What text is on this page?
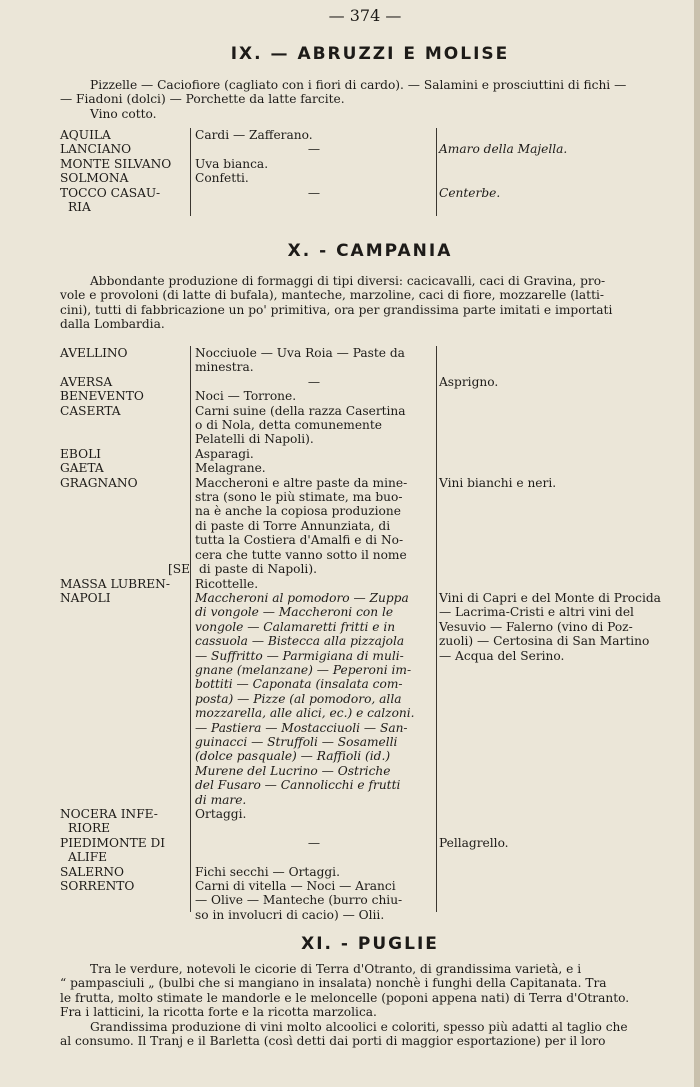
— 374 —
IX. — ABRUZZI E MOLISE

Pizzelle — Caciofiore (cagliato con i fiori di cardo). — Salamini e prosciuttini di fichi —

— Fiadoni (dolci) — Porchette da latte farcite.

Vino cotto.

AQUILA	Cardi — Zafferano.
LANCIANO	—	Amaro della Majella.
MONTE SILVANO	Uva bianca.
SOLMONA	Confetti.
TOCCO CASAU-	—	Centerbe.
RIA
X. - CAMPANIA

Abbondante produzione di formaggi di tipi diversi: cacicavalli, caci di Gravina, pro-

vole e provoloni (di latte di bufala), manteche, marzoline, caci di fiore, mozzarelle (latti-

cini), tutti di fabbricazione un po' primitiva, ora per grandissima parte imitati e importati

dalla Lombardia.

AVELLINO	Nocciuole — Uva Roia — Paste da
minestra.
AVERSA	—	Asprigno.
BENEVENTO	Noci — Torrone.
CASERTA	Carni suine (della razza Casertina
o di Nola, detta comunemente
Pelatelli di Napoli).
EBOLI	Asparagi.
GAETA	Melagrane.
GRAGNANO	Maccheroni e altre paste da mine-	Vini bianchi e neri.
stra (sono le più stimate, ma buo-
na è anche la copiosa produzione
di paste di Torre Annunziata, di
tutta la Costiera d'Amalfi e di No-
cera che tutte vanno sotto il nome
[SE di paste di Napoli).
MASSA LUBREN-	Ricottelle.
NAPOLI	Maccheroni al pomodoro — Zuppa	Vini di Capri e del Monte di Procida
di vongole — Maccheroni con le	— Lacrima-Cristi e altri vini del
vongole — Calamaretti fritti e in	Vesuvio — Falerno (vino di Poz-
cassuola — Bistecca alla pizzajola	zuoli) — Certosina di San Martino
— Suffritto — Parmigiana di muli-	— Acqua del Serino.
gnane (melanzane) — Peperoni im-
bottiti — Caponata (insalata com-
posta) — Pizze (al pomodoro, alla
mozzarella, alle alici, ec.) e calzoni.
— Pastiera — Mostacciuoli — San-
guinacci — Struffoli — Sosamelli
(dolce pasquale) — Raffioli (id.)
Murene del Lucrino — Ostriche
del Fusaro — Cannolicchi e frutti
di mare.
NOCERA INFE-	Ortaggi.
RIORE
PIEDIMONTE DI	—	Pellagrello.
ALIFE
SALERNO	Fichi secchi — Ortaggi.
SORRENTO	Carni di vitella — Noci — Aranci
— Olive — Manteche (burro chiu-
so in involucri di cacio) — Olii.
XI. - PUGLIE

Tra le verdure, notevoli le cicorie di Terra d'Otranto, di grandissima varietà, e i

“ pampasciuli „ (bulbi che si mangiano in insalata) nonchè i funghi della Capitanata. Tra

le frutta, molto stimate le mandorle e le meloncelle (poponi appena nati) di Terra d'Otranto.

Fra i latticini, la ricotta forte e la ricotta marzolica.

Grandissima produzione di vini molto alcoolici e coloriti, spesso più adatti al taglio che

al consumo. Il Tranj e il Barletta (così detti dai porti di maggior esportazione) per il loro
